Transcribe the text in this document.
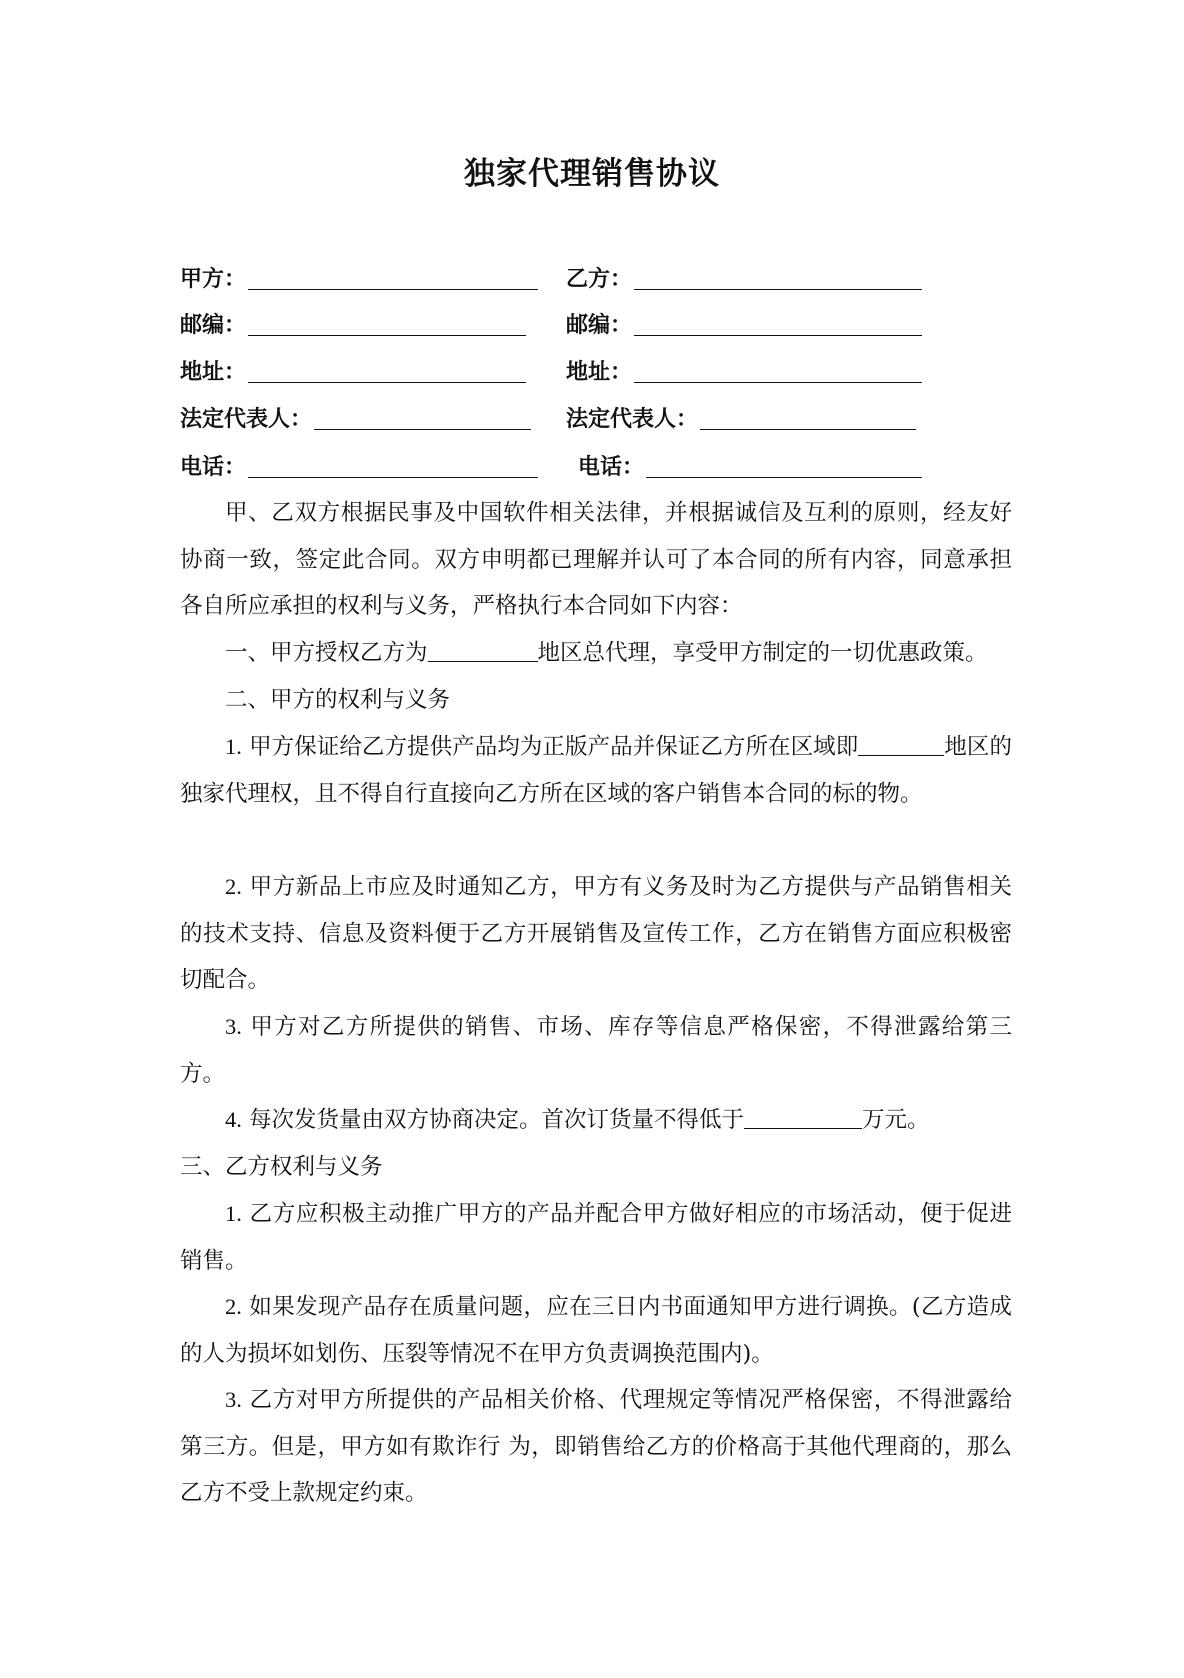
独家代理销售协议
甲方：	乙方：
邮编：	邮编：
地址：	地址：
法定代表人：	法定代表人：
电话：	电话：
甲、乙双方根据民事及中国软件相关法律，并根据诚信及互利的原则，经友好协商一致，签定此合同。双方申明都已理解并认可了本合同的所有内容，同意承担各自所应承担的权利与义务，严格执行本合同如下内容：
一、甲方授权乙方为	地区总代理，享受甲方制定的一切优惠政策。
二、甲方的权利与义务
1. 甲方保证给乙方提供产品均为正版产品并保证乙方所在区域即	地区的独家代理权，且不得自行直接向乙方所在区域的客户销售本合同的标的物。
2. 甲方新品上市应及时通知乙方，甲方有义务及时为乙方提供与产品销售相关的技术支持、信息及资料便于乙方开展销售及宣传工作，乙方在销售方面应积极密切配合。
3. 甲方对乙方所提供的销售、市场、库存等信息严格保密，不得泄露给第三方。
4. 每次发货量由双方协商决定。首次订货量不得低于	万元。
三、乙方权利与义务
1. 乙方应积极主动推广甲方的产品并配合甲方做好相应的市场活动，便于促进销售。
2. 如果发现产品存在质量问题，应在三日内书面通知甲方进行调换。(乙方造成的人为损坏如划伤、压裂等情况不在甲方负责调换范围内)。
3. 乙方对甲方所提供的产品相关价格、代理规定等情况严格保密，不得泄露给第三方。但是，甲方如有欺诈行 为，即销售给乙方的价格高于其他代理商的，那么乙方不受上款规定约束。
